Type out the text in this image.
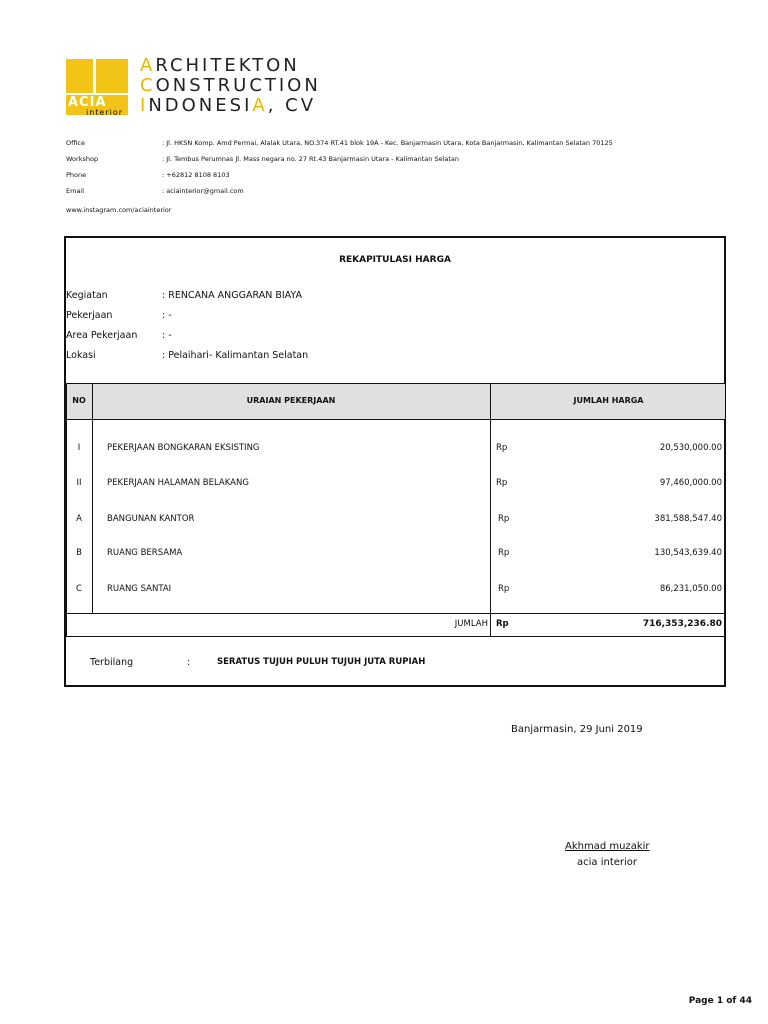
ACIA
interior
ARCHITEKTON
CONSTRUCTION
INDONESIA, CV
Office	: Jl. HKSN Komp. Amd Permai, Alalak Utara, NO.374 RT.41 blok 19A - Kec. Banjarmasin Utara, Kota Banjarmasin, Kalimantan Selatan 70125
Workshop	: Jl. Tembus Perumnas Jl. Mass negara no. 27 Rt.43 Banjarmasin Utara - Kalimantan Selatan
Phone	: +62812 8108 8103
Email	: aciainterior@gmail.com
www.instagram.com/aciainterior
REKAPITULASI HARGA
Kegiatan	: RENCANA ANGGARAN BIAYA
Pekerjaan	: -
Area Pekerjaan	: -
Lokasi	: Pelaihari- Kalimantan Selatan
NO	URAIAN PEKERJAAN	JUMLAH HARGA
I	PEKERJAAN BONGKARAN EKSISTING	Rp	20,530,000.00
II	PEKERJAAN HALAMAN BELAKANG	Rp	97,460,000.00
A	BANGUNAN KANTOR	Rp	381,588,547.40
B	RUANG BERSAMA	Rp	130,543,639.40
C	RUANG SANTAI	Rp	86,231,050.00
JUMLAH Rp	716,353,236.80
Terbilang	:	SERATUS TUJUH PULUH TUJUH JUTA RUPIAH
Banjarmasin, 29 Juni 2019
Akhmad muzakir
acia interior
Page 1 of 44
